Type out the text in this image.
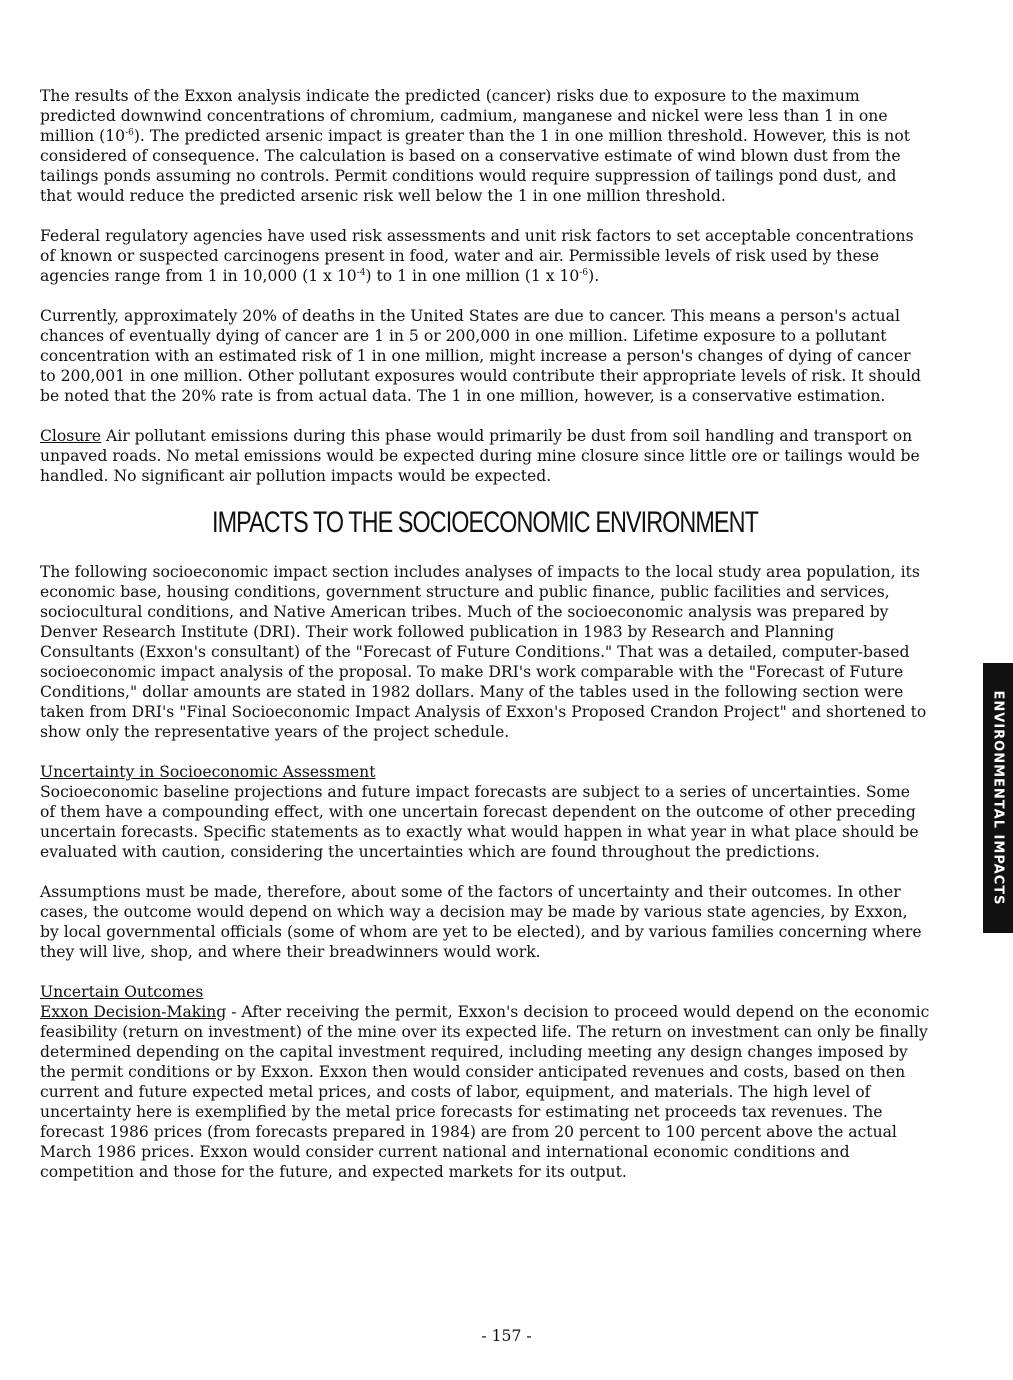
The results of the Exxon analysis indicate the predicted (cancer) risks due to exposure to the maximum predicted downwind concentrations of chromium, cadmium, manganese and nickel were less than 1 in one million $(10^{-6})$. The predicted arsenic impact is greater than the 1 in one million threshold. However, this is not considered of consequence. The calculation is based on a conservative estimate of wind blown dust from the tailings ponds assuming no controls. Permit conditions would require suppression of tailings pond dust, and that would reduce the predicted arsenic risk well below the 1 in one million threshold.

Federal regulatory agencies have used risk assessments and unit risk factors to set acceptable concentrations of known or suspected carcinogens present in food, water and air. Permissible levels of risk used by these agencies range from 1 in 10,000 (1 x $10^{-4}$) to 1 in one million (1 x $10^{-6}$).

Currently, approximately 20% of deaths in the United States are due to cancer. This means a person's actual chances of eventually dying of cancer are 1 in 5 or 200,000 in one million. Lifetime exposure to a pollutant concentration with an estimated risk of 1 in one million, might increase a person's changes of dying of cancer to 200,001 in one million. Other pollutant exposures would contribute their appropriate levels of risk. It should be noted that the 20% rate is from actual data. The 1 in one million, however, is a conservative estimation.

Closure Air pollutant emissions during this phase would primarily be dust from soil handling and transport on unpaved roads. No metal emissions would be expected during mine closure since little ore or tailings would be handled. No significant air pollution impacts would be expected.

IMPACTS TO THE SOCIOECONOMIC ENVIRONMENT

The following socioeconomic impact section includes analyses of impacts to the local study area population, its economic base, housing conditions, government structure and public finance, public facilities and services, sociocultural conditions, and Native American tribes. Much of the socioeconomic analysis was prepared by Denver Research Institute (DRI). Their work followed publication in 1983 by Research and Planning Consultants (Exxon's consultant) of the "Forecast of Future Conditions." That was a detailed, computer-based socioeconomic impact analysis of the proposal. To make DRI's work comparable with the "Forecast of Future Conditions," dollar amounts are stated in 1982 dollars. Many of the tables used in the following section were taken from DRI's "Final Socioeconomic Impact Analysis of Exxon's Proposed Crandon Project" and shortened to show only the representative years of the project schedule.

Uncertainty in Socioeconomic Assessment
Socioeconomic baseline projections and future impact forecasts are subject to a series of uncertainties. Some of them have a compounding effect, with one uncertain forecast dependent on the outcome of other preceding uncertain forecasts. Specific statements as to exactly what would happen in what year in what place should be evaluated with caution, considering the uncertainties which are found throughout the predictions.

Assumptions must be made, therefore, about some of the factors of uncertainty and their outcomes. In other cases, the outcome would depend on which way a decision may be made by various state agencies, by Exxon, by local governmental officials (some of whom are yet to be elected), and by various families concerning where they will live, shop, and where their breadwinners would work.

Uncertain Outcomes
Exxon Decision-Making - After receiving the permit, Exxon's decision to proceed would depend on the economic feasibility (return on investment) of the mine over its expected life. The return on investment can only be finally determined depending on the capital investment required, including meeting any design changes imposed by the permit conditions or by Exxon. Exxon then would consider anticipated revenues and costs, based on then current and future expected metal prices, and costs of labor, equipment, and materials. The high level of uncertainty here is exemplified by the metal price forecasts for estimating net proceeds tax revenues. The forecast 1986 prices (from forecasts prepared in 1984) are from 20 percent to 100 percent above the actual March 1986 prices. Exxon would consider current national and international economic conditions and competition and those for the future, and expected markets for its output.

ENVIRONMENTAL IMPACTS
- 157 -
